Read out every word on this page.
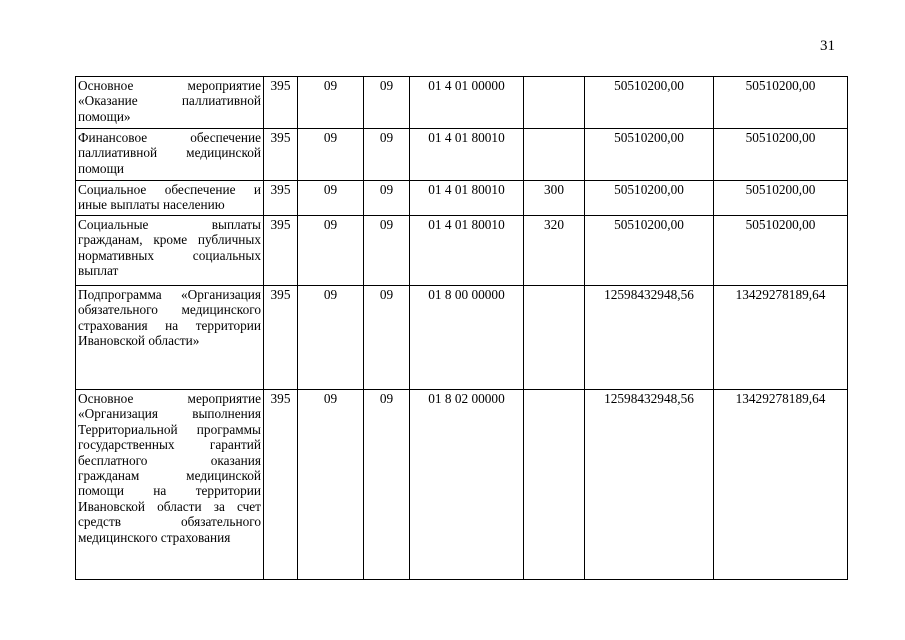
31
Основное мероприятие «Оказание паллиативной помощи»	395	09	09	01 4 01 00000		50510200,00	50510200,00
Финансовое обеспечение паллиативной медицинской помощи	395	09	09	01 4 01 80010		50510200,00	50510200,00
Социальное обеспечение и иные выплаты населению	395	09	09	01 4 01 80010	300	50510200,00	50510200,00
Социальные выплаты гражданам, кроме публичных нормативных социальных выплат	395	09	09	01 4 01 80010	320	50510200,00	50510200,00
Подпрограмма «Организация обязательного медицинского страхования на территории Ивановской области»	395	09	09	01 8 00 00000		12598432948,56	13429278189,64
Основное мероприятие «Организация выполнения Территориальной программы государственных гарантий бесплатного оказания гражданам медицинской помощи на территории Ивановской области за счет средств обязательного медицинского страхования	395	09	09	01 8 02 00000		12598432948,56	13429278189,64
